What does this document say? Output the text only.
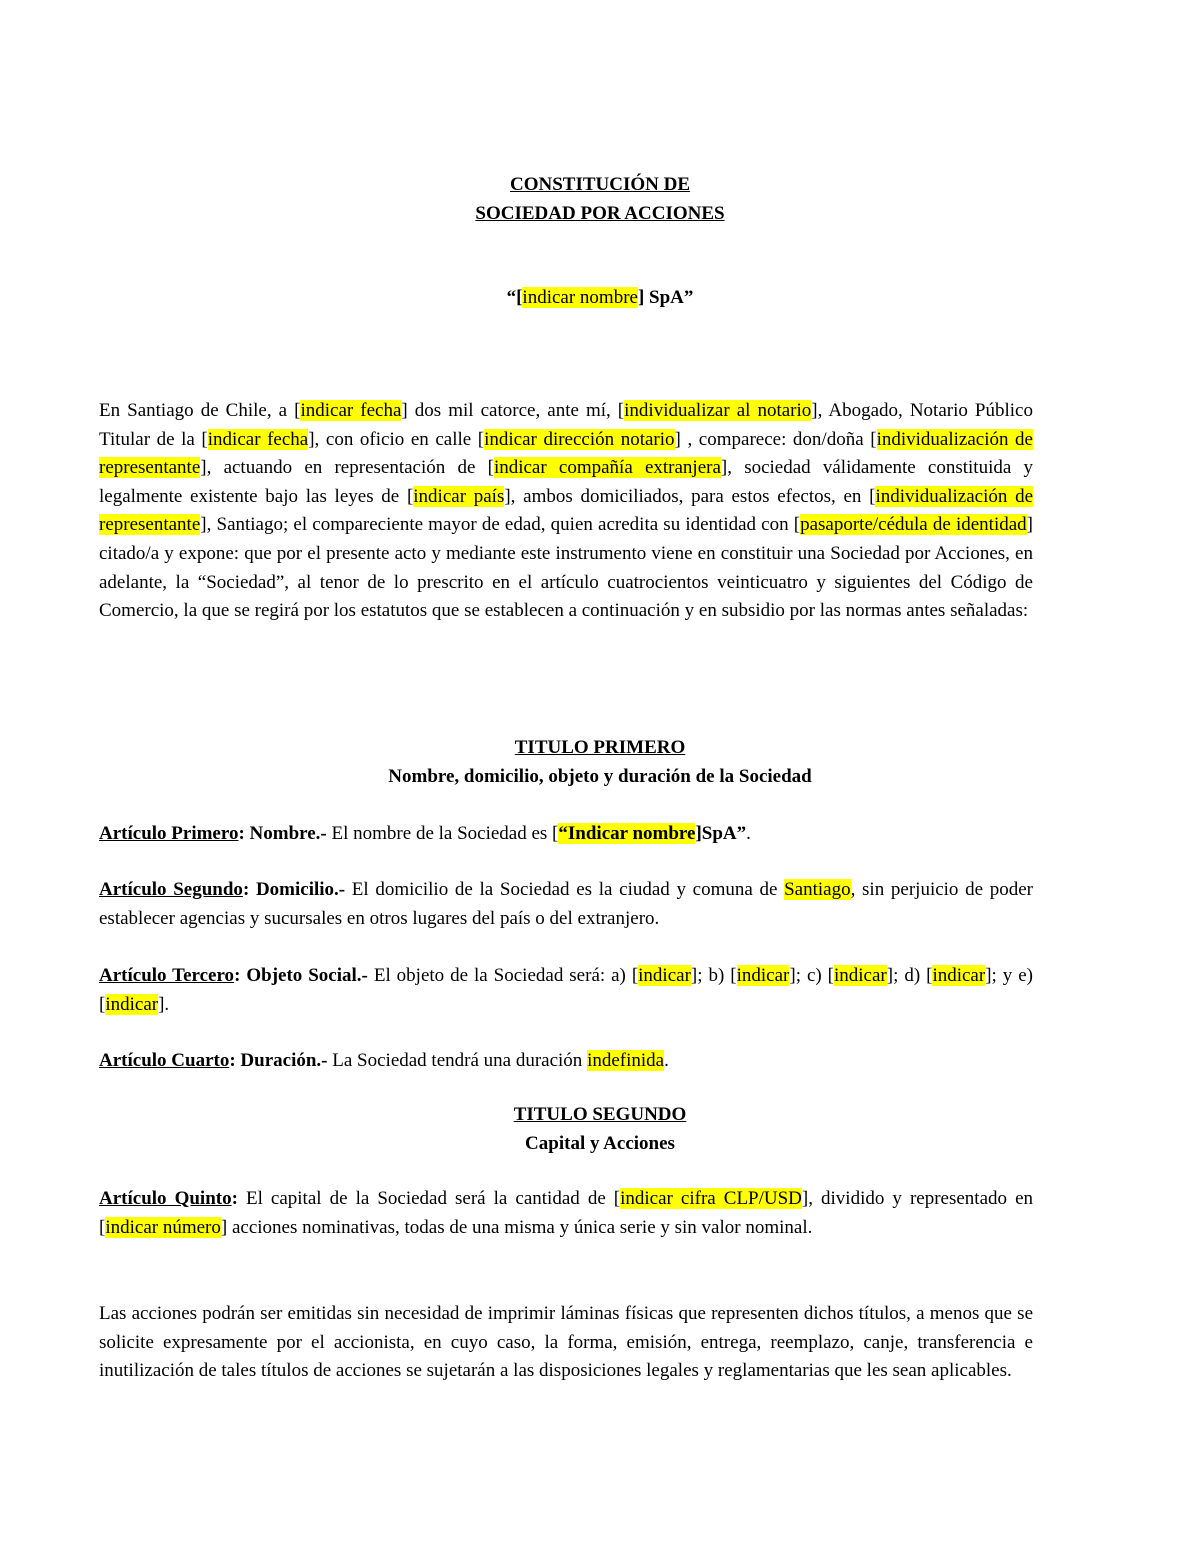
CONSTITUCIÓN DE
SOCIEDAD POR ACCIONES
“[indicar nombre] SpA”
En Santiago de Chile, a [indicar fecha] dos mil catorce, ante mí, [individualizar al notario], Abogado, Notario Público Titular de la [indicar fecha], con oficio en calle [indicar dirección notario] , comparece: don/doña [individualización de representante], actuando en representación de [indicar compañía extranjera], sociedad válidamente constituida y legalmente existente bajo las leyes de [indicar país], ambos domiciliados, para estos efectos, en [individualización de representante], Santiago; el compareciente mayor de edad, quien acredita su identidad con [pasaporte/cédula de identidad] citado/a y expone: que por el presente acto y mediante este instrumento viene en constituir una Sociedad por Acciones, en adelante, la “Sociedad”, al tenor de lo prescrito en el artículo cuatrocientos veinticuatro y siguientes del Código de Comercio, la que se regirá por los estatutos que se establecen a continuación y en subsidio por las normas antes señaladas:
TITULO PRIMERO
Nombre, domicilio, objeto y duración de la Sociedad
Artículo Primero: Nombre.- El nombre de la Sociedad es [“Indicar nombre]SpA”.
Artículo Segundo: Domicilio.- El domicilio de la Sociedad es la ciudad y comuna de Santiago, sin perjuicio de poder establecer agencias y sucursales en otros lugares del país o del extranjero.
Artículo Tercero: Objeto Social.- El objeto de la Sociedad será: a) [indicar]; b) [indicar]; c) [indicar]; d) [indicar]; y e) [indicar].
Artículo Cuarto: Duración.- La Sociedad tendrá una duración indefinida.
TITULO SEGUNDO
Capital y Acciones
Artículo Quinto: El capital de la Sociedad será la cantidad de [indicar cifra CLP/USD], dividido y representado en [indicar número] acciones nominativas, todas de una misma y única serie y sin valor nominal.
Las acciones podrán ser emitidas sin necesidad de imprimir láminas físicas que representen dichos títulos, a menos que se solicite expresamente por el accionista, en cuyo caso, la forma, emisión, entrega, reemplazo, canje, transferencia e inutilización de tales títulos de acciones se sujetarán a las disposiciones legales y reglamentarias que les sean aplicables.
